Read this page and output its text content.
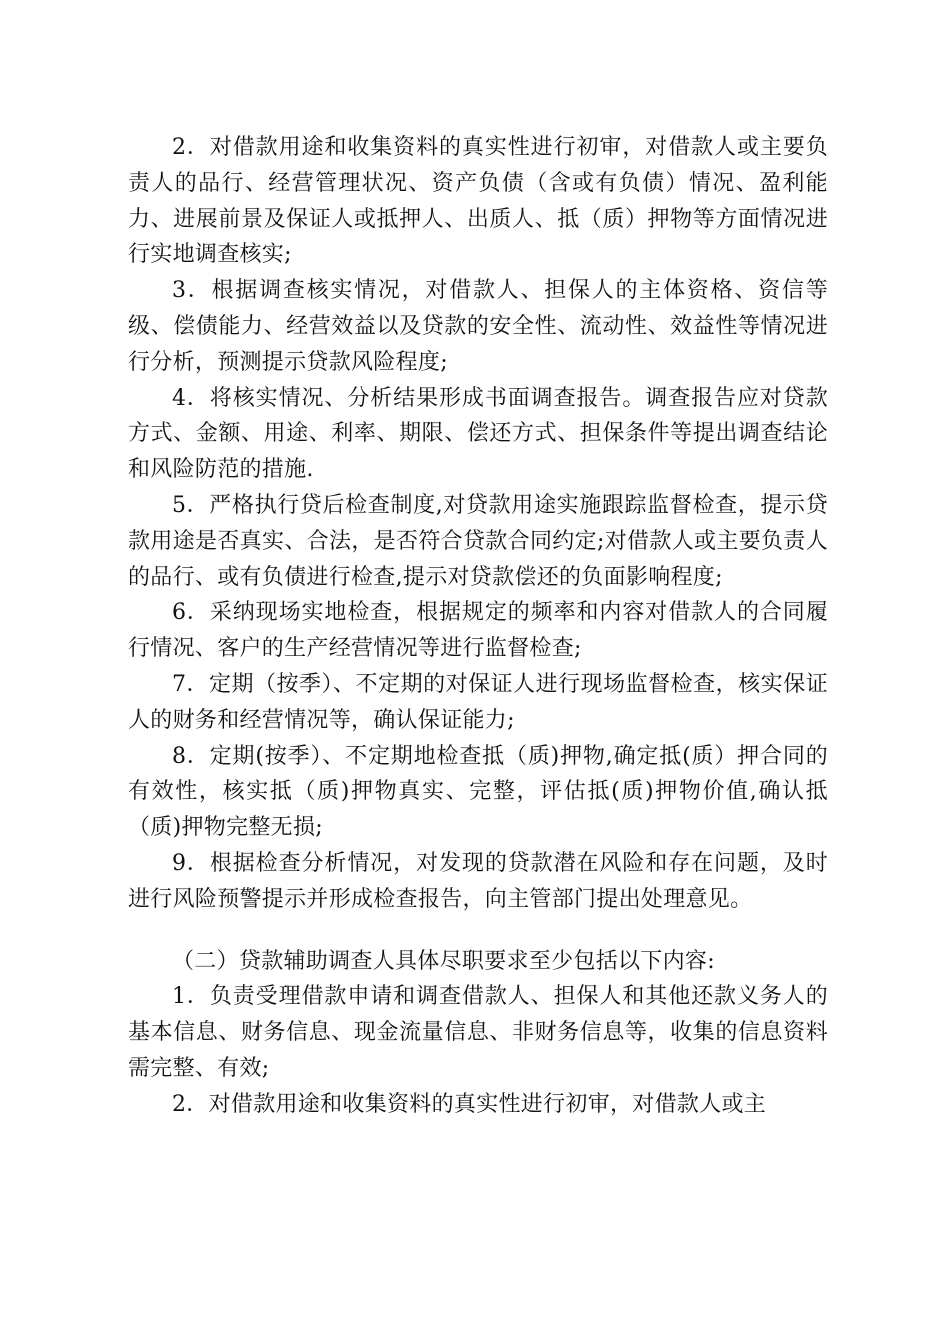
2．对借款用途和收集资料的真实性进行初审，对借款人或主要负责人的品行、经营管理状况、资产负债（含或有负债）情况、盈利能力、进展前景及保证人或抵押人、出质人、抵（质）押物等方面情况进行实地调查核实;

3．根据调查核实情况，对借款人、担保人的主体资格、资信等级、偿债能力、经营效益以及贷款的安全性、流动性、效益性等情况进行分析，预测提示贷款风险程度;

4．将核实情况、分析结果形成书面调查报告。调查报告应对贷款方式、金额、用途、利率、期限、偿还方式、担保条件等提出调查结论和风险防范的措施.

5．严格执行贷后检查制度,对贷款用途实施跟踪监督检查，提示贷款用途是否真实、合法，是否符合贷款合同约定;对借款人或主要负责人的品行、或有负债进行检查,提示对贷款偿还的负面影响程度;

6．采纳现场实地检查，根据规定的频率和内容对借款人的合同履行情况、客户的生产经营情况等进行监督检查;

7．定期（按季）、不定期的对保证人进行现场监督检查，核实保证人的财务和经营情况等，确认保证能力;

8．定期(按季）、不定期地检查抵（质)押物,确定抵(质）押合同的有效性，核实抵（质)押物真实、完整，评估抵(质)押物价值,确认抵（质)押物完整无损;

9．根据检查分析情况，对发现的贷款潜在风险和存在问题，及时进行风险预警提示并形成检查报告，向主管部门提出处理意见。

（二）贷款辅助调查人具体尽职要求至少包括以下内容:

1．负责受理借款申请和调查借款人、担保人和其他还款义务人的基本信息、财务信息、现金流量信息、非财务信息等，收集的信息资料需完整、有效;

2．对借款用途和收集资料的真实性进行初审，对借款人或主
